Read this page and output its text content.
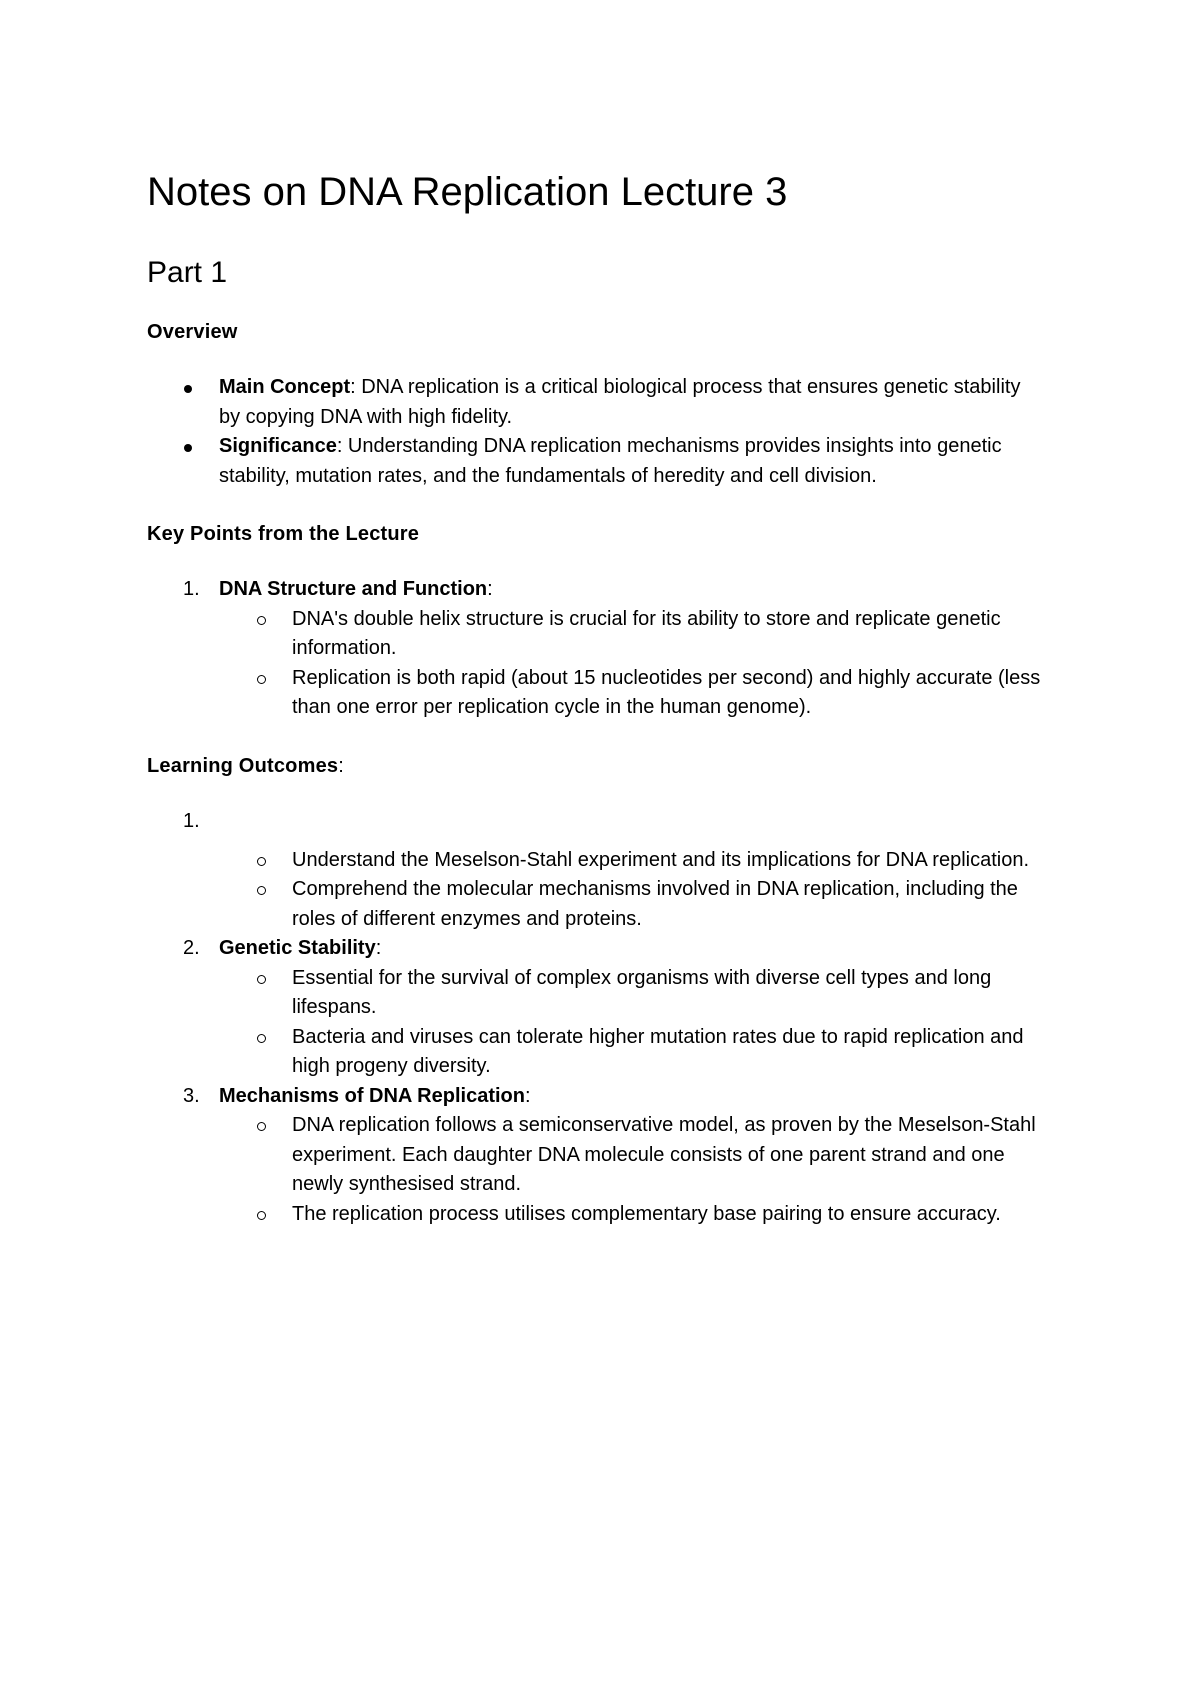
Notes on DNA Replication Lecture 3
Part 1
Overview
Main Concept: DNA replication is a critical biological process that ensures genetic stability by copying DNA with high fidelity.
Significance: Understanding DNA replication mechanisms provides insights into genetic stability, mutation rates, and the fundamentals of heredity and cell division.
Key Points from the Lecture
1. DNA Structure and Function:
DNA's double helix structure is crucial for its ability to store and replicate genetic information.
Replication is both rapid (about 15 nucleotides per second) and highly accurate (less than one error per replication cycle in the human genome).
Learning Outcomes:
1.
Understand the Meselson-Stahl experiment and its implications for DNA replication.
Comprehend the molecular mechanisms involved in DNA replication, including the roles of different enzymes and proteins.
2. Genetic Stability:
Essential for the survival of complex organisms with diverse cell types and long lifespans.
Bacteria and viruses can tolerate higher mutation rates due to rapid replication and high progeny diversity.
3. Mechanisms of DNA Replication:
DNA replication follows a semiconservative model, as proven by the Meselson-Stahl experiment. Each daughter DNA molecule consists of one parent strand and one newly synthesised strand.
The replication process utilises complementary base pairing to ensure accuracy.
